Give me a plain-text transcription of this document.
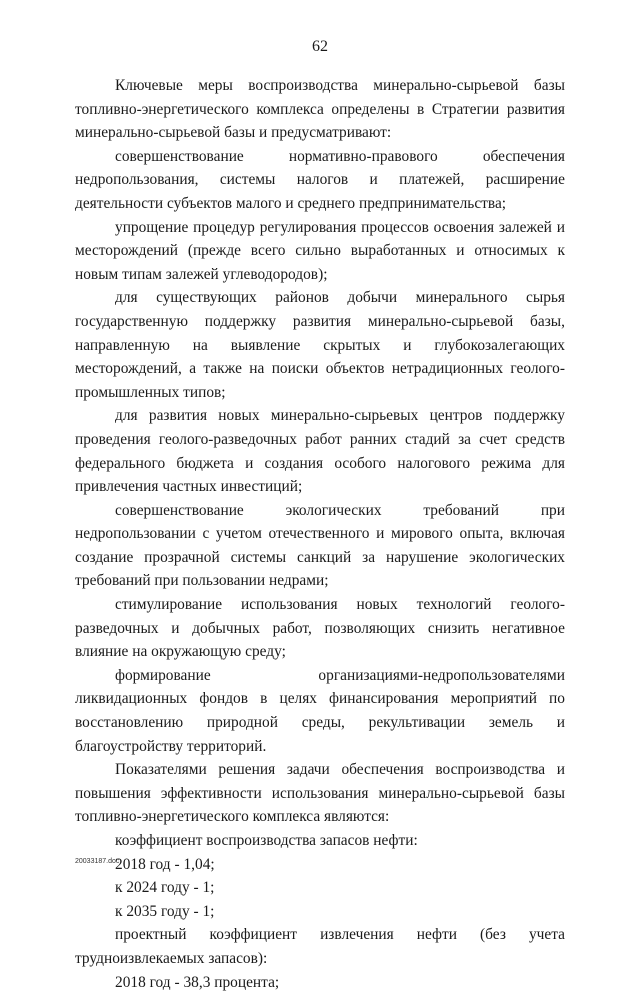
62

Ключевые меры воспроизводства минерально-сырьевой базы топливно-энергетического комплекса определены в Стратегии развития минерально-сырьевой базы и предусматривают:

совершенствование нормативно-правового обеспечения недропользования, системы налогов и платежей, расширение деятельности субъектов малого и среднего предпринимательства;

упрощение процедур регулирования процессов освоения залежей и месторождений (прежде всего сильно выработанных и относимых к новым типам залежей углеводородов);

для существующих районов добычи минерального сырья государственную поддержку развития минерально-сырьевой базы, направленную на выявление скрытых и глубокозалегающих месторождений, а также на поиски объектов нетрадиционных геолого-промышленных типов;

для развития новых минерально-сырьевых центров поддержку проведения геолого-разведочных работ ранних стадий за счет средств федерального бюджета и создания особого налогового режима для привлечения частных инвестиций;

совершенствование экологических требований при недропользовании с учетом отечественного и мирового опыта, включая создание прозрачной системы санкций за нарушение экологических требований при пользовании недрами;

стимулирование использования новых технологий геолого-разведочных и добычных работ, позволяющих снизить негативное влияние на окружающую среду;

формирование организациями-недропользователями ликвидационных фондов в целях финансирования мероприятий по восстановлению природной среды, рекультивации земель и благоустройству территорий.

Показателями решения задачи обеспечения воспроизводства и повышения эффективности использования минерально-сырьевой базы топливно-энергетического комплекса являются:

коэффициент воспроизводства запасов нефти:

2018 год - 1,04;

к 2024 году - 1;

к 2035 году - 1;

проектный коэффициент извлечения нефти (без учета трудноизвлекаемых запасов):

2018 год - 38,3 процента;

20033187.doc
